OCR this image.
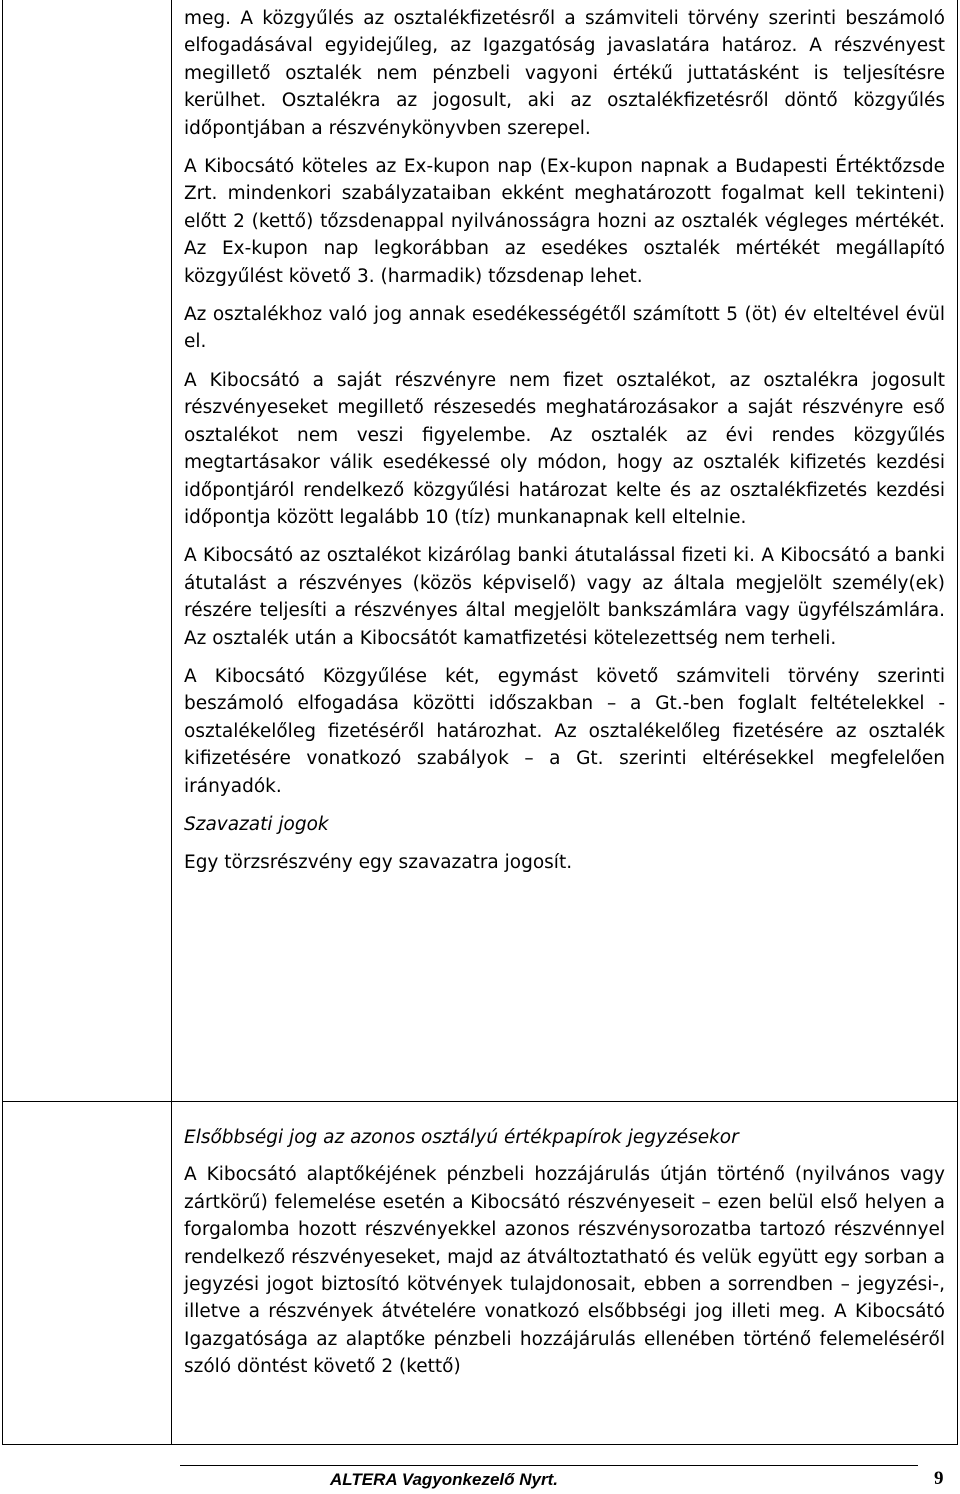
meg. A közgyűlés az osztalékfizetésről a számviteli törvény szerinti beszámoló elfogadásával egyidejűleg, az Igazgatóság javaslatára határoz. A részvényest megillető osztalék nem pénzbeli vagyoni értékű juttatásként is teljesítésre kerülhet. Osztalékra az jogosult, aki az osztalékfizetésről döntő közgyűlés időpontjában a részvénykönyvben szerepel.

A Kibocsátó köteles az Ex-kupon nap (Ex-kupon napnak a Budapesti Értéktőzsde Zrt. mindenkori szabályzataiban ekként meghatározott fogalmat kell tekinteni) előtt 2 (kettő) tőzsdenappal nyilvánosságra hozni az osztalék végleges mértékét. Az Ex-kupon nap legkorábban az esedékes osztalék mértékét megállapító közgyűlést követő 3. (harmadik) tőzsdenap lehet.

Az osztalékhoz való jog annak esedékességétől számított 5 (öt) év elteltével évül el.

A Kibocsátó a saját részvényre nem fizet osztalékot, az osztalékra jogosult részvényeseket megillető részesedés meghatározásakor a saját részvényre eső osztalékot nem veszi figyelembe. Az osztalék az évi rendes közgyűlés megtartásakor válik esedékessé oly módon, hogy az osztalék kifizetés kezdési időpontjáról rendelkező közgyűlési határozat kelte és az osztalékfizetés kezdési időpontja között legalább 10 (tíz) munkanapnak kell eltelnie.

A Kibocsátó az osztalékot kizárólag banki átutalással fizeti ki. A Kibocsátó a banki átutalást a részvényes (közös képviselő) vagy az általa megjelölt személy(ek) részére teljesíti a részvényes által megjelölt bankszámlára vagy ügyfélszámlára. Az osztalék után a Kibocsátót kamatfizetési kötelezettség nem terheli.

A Kibocsátó Közgyűlése két, egymást követő számviteli törvény szerinti beszámoló elfogadása közötti időszakban – a Gt.-ben foglalt feltételekkel - osztalékelőleg fizetéséről határozhat. Az osztalékelőleg fizetésére az osztalék kifizetésére vonatkozó szabályok – a Gt. szerinti eltérésekkel megfelelően irányadók.

Szavazati jogok

Egy törzsrészvény egy szavazatra jogosít.

Elsőbbségi jog az azonos osztályú értékpapírok jegyzésekor

A Kibocsátó alaptőkéjének pénzbeli hozzájárulás útján történő (nyilvános vagy zártkörű) felemelése esetén a Kibocsátó részvényeseit – ezen belül első helyen a forgalomba hozott részvényekkel azonos részvénysorozatba tartozó részvénnyel rendelkező részvényeseket, majd az átváltoztatható és velük együtt egy sorban a jegyzési jogot biztosító kötvények tulajdonosait, ebben a sorrendben – jegyzési-, illetve a részvények átvételére vonatkozó elsőbbségi jog illeti meg. A Kibocsátó Igazgatósága az alaptőke pénzbeli hozzájárulás ellenében történő felemeléséről szóló döntést követő 2 (kettő)

ALTERA Vagyonkezelő Nyrt.	9
